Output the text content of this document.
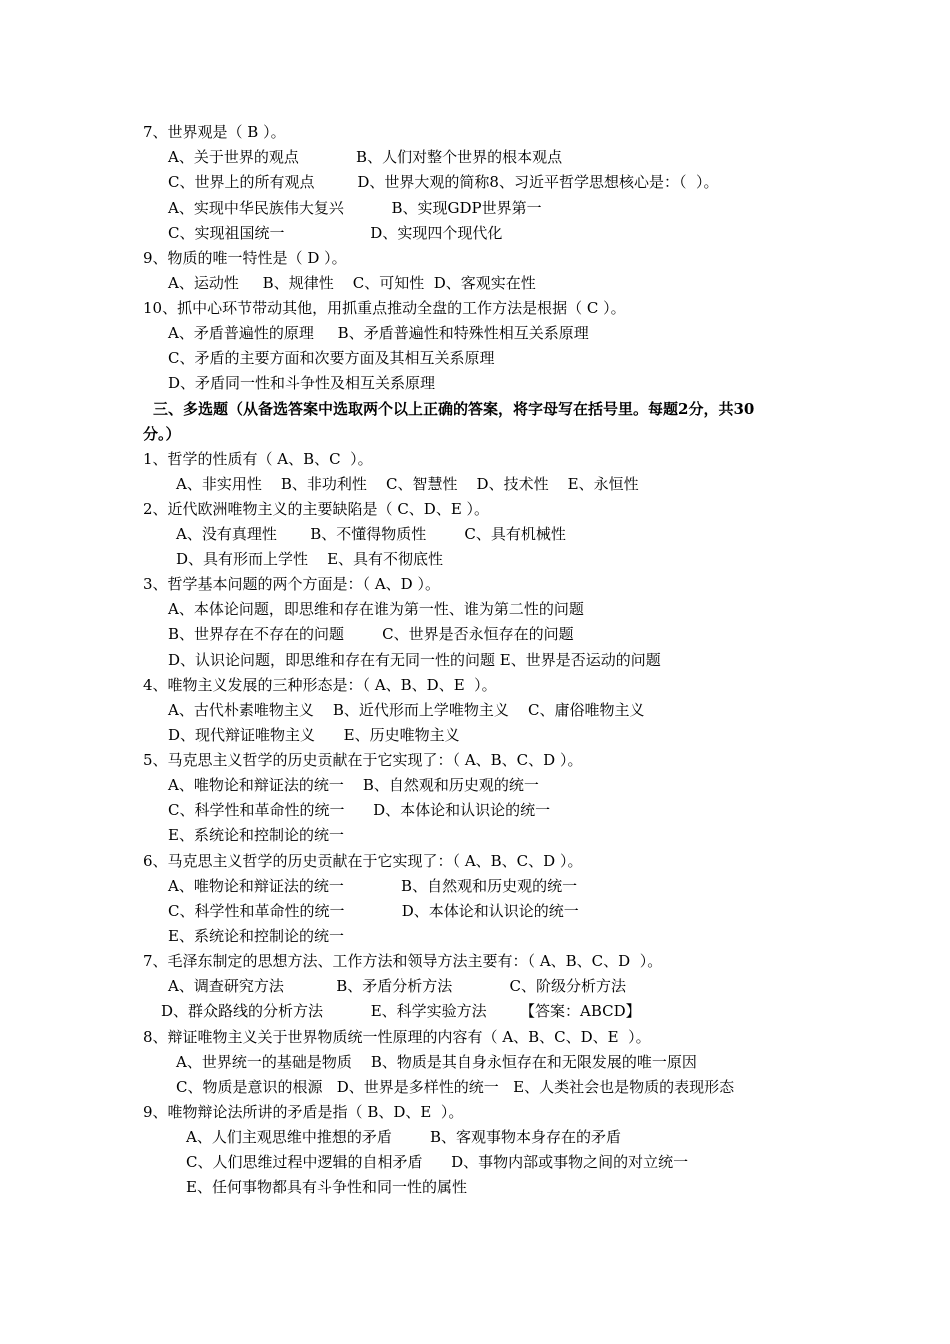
7、世界观是（ B ）。
A、关于世界的观点            B、人们对整个世界的根本观点
C、世界上的所有观点         D、世界大观的简称8、习近平哲学思想核心是：（  ）。
A、实现中华民族伟大复兴          B、实现GDP世界第一
C、实现祖国统一                  D、实现四个现代化
9、物质的唯一特性是（ D ）。
A、运动性     B、规律性    C、可知性  D、客观实在性
10、抓中心环节带动其他，用抓重点推动全盘的工作方法是根据（ C ）。
A、矛盾普遍性的原理     B、矛盾普遍性和特殊性相互关系原理
C、矛盾的主要方面和次要方面及其相互关系原理
D、矛盾同一性和斗争性及相互关系原理
三、多选题（从备选答案中选取两个以上正确的答案，将字母写在括号里。每题2分，共30
分。）
1、哲学的性质有（ A、B、C  ）。
A、非实用性    B、非功利性    C、智慧性    D、技术性    E、永恒性
2、近代欧洲唯物主义的主要缺陷是（ C、D、E ）。
A、没有真理性       B、不懂得物质性        C、具有机械性
D、具有形而上学性    E、具有不彻底性
3、哲学基本问题的两个方面是：（ A、D ）。
A、本体论问题，即思维和存在谁为第一性、谁为第二性的问题
B、世界存在不存在的问题        C、世界是否永恒存在的问题
D、认识论问题，即思维和存在有无同一性的问题 E、世界是否运动的问题
4、唯物主义发展的三种形态是：（ A、B、D、E  ）。
A、古代朴素唯物主义    B、近代形而上学唯物主义    C、庸俗唯物主义
D、现代辩证唯物主义      E、历史唯物主义
5、马克思主义哲学的历史贡献在于它实现了：（ A、B、C、D ）。
A、唯物论和辩证法的统一    B、自然观和历史观的统一
C、科学性和革命性的统一      D、本体论和认识论的统一
E、系统论和控制论的统一
6、马克思主义哲学的历史贡献在于它实现了：（ A、B、C、D ）。
A、唯物论和辩证法的统一            B、自然观和历史观的统一
C、科学性和革命性的统一            D、本体论和认识论的统一
E、系统论和控制论的统一
7、毛泽东制定的思想方法、工作方法和领导方法主要有：（ A、B、C、D  ）。
A、调查研究方法           B、矛盾分析方法            C、阶级分析方法
D、群众路线的分析方法          E、科学实验方法       【答案：ABCD】
8、辩证唯物主义关于世界物质统一性原理的内容有（ A、B、C、D、E  ）。
A、世界统一的基础是物质    B、物质是其自身永恒存在和无限发展的唯一原因
C、物质是意识的根源   D、世界是多样性的统一   E、人类社会也是物质的表现形态
9、唯物辩论法所讲的矛盾是指（ B、D、E  ）。
A、人们主观思维中推想的矛盾        B、客观事物本身存在的矛盾
C、人们思维过程中逻辑的自相矛盾      D、事物内部或事物之间的对立统一
E、任何事物都具有斗争性和同一性的属性
